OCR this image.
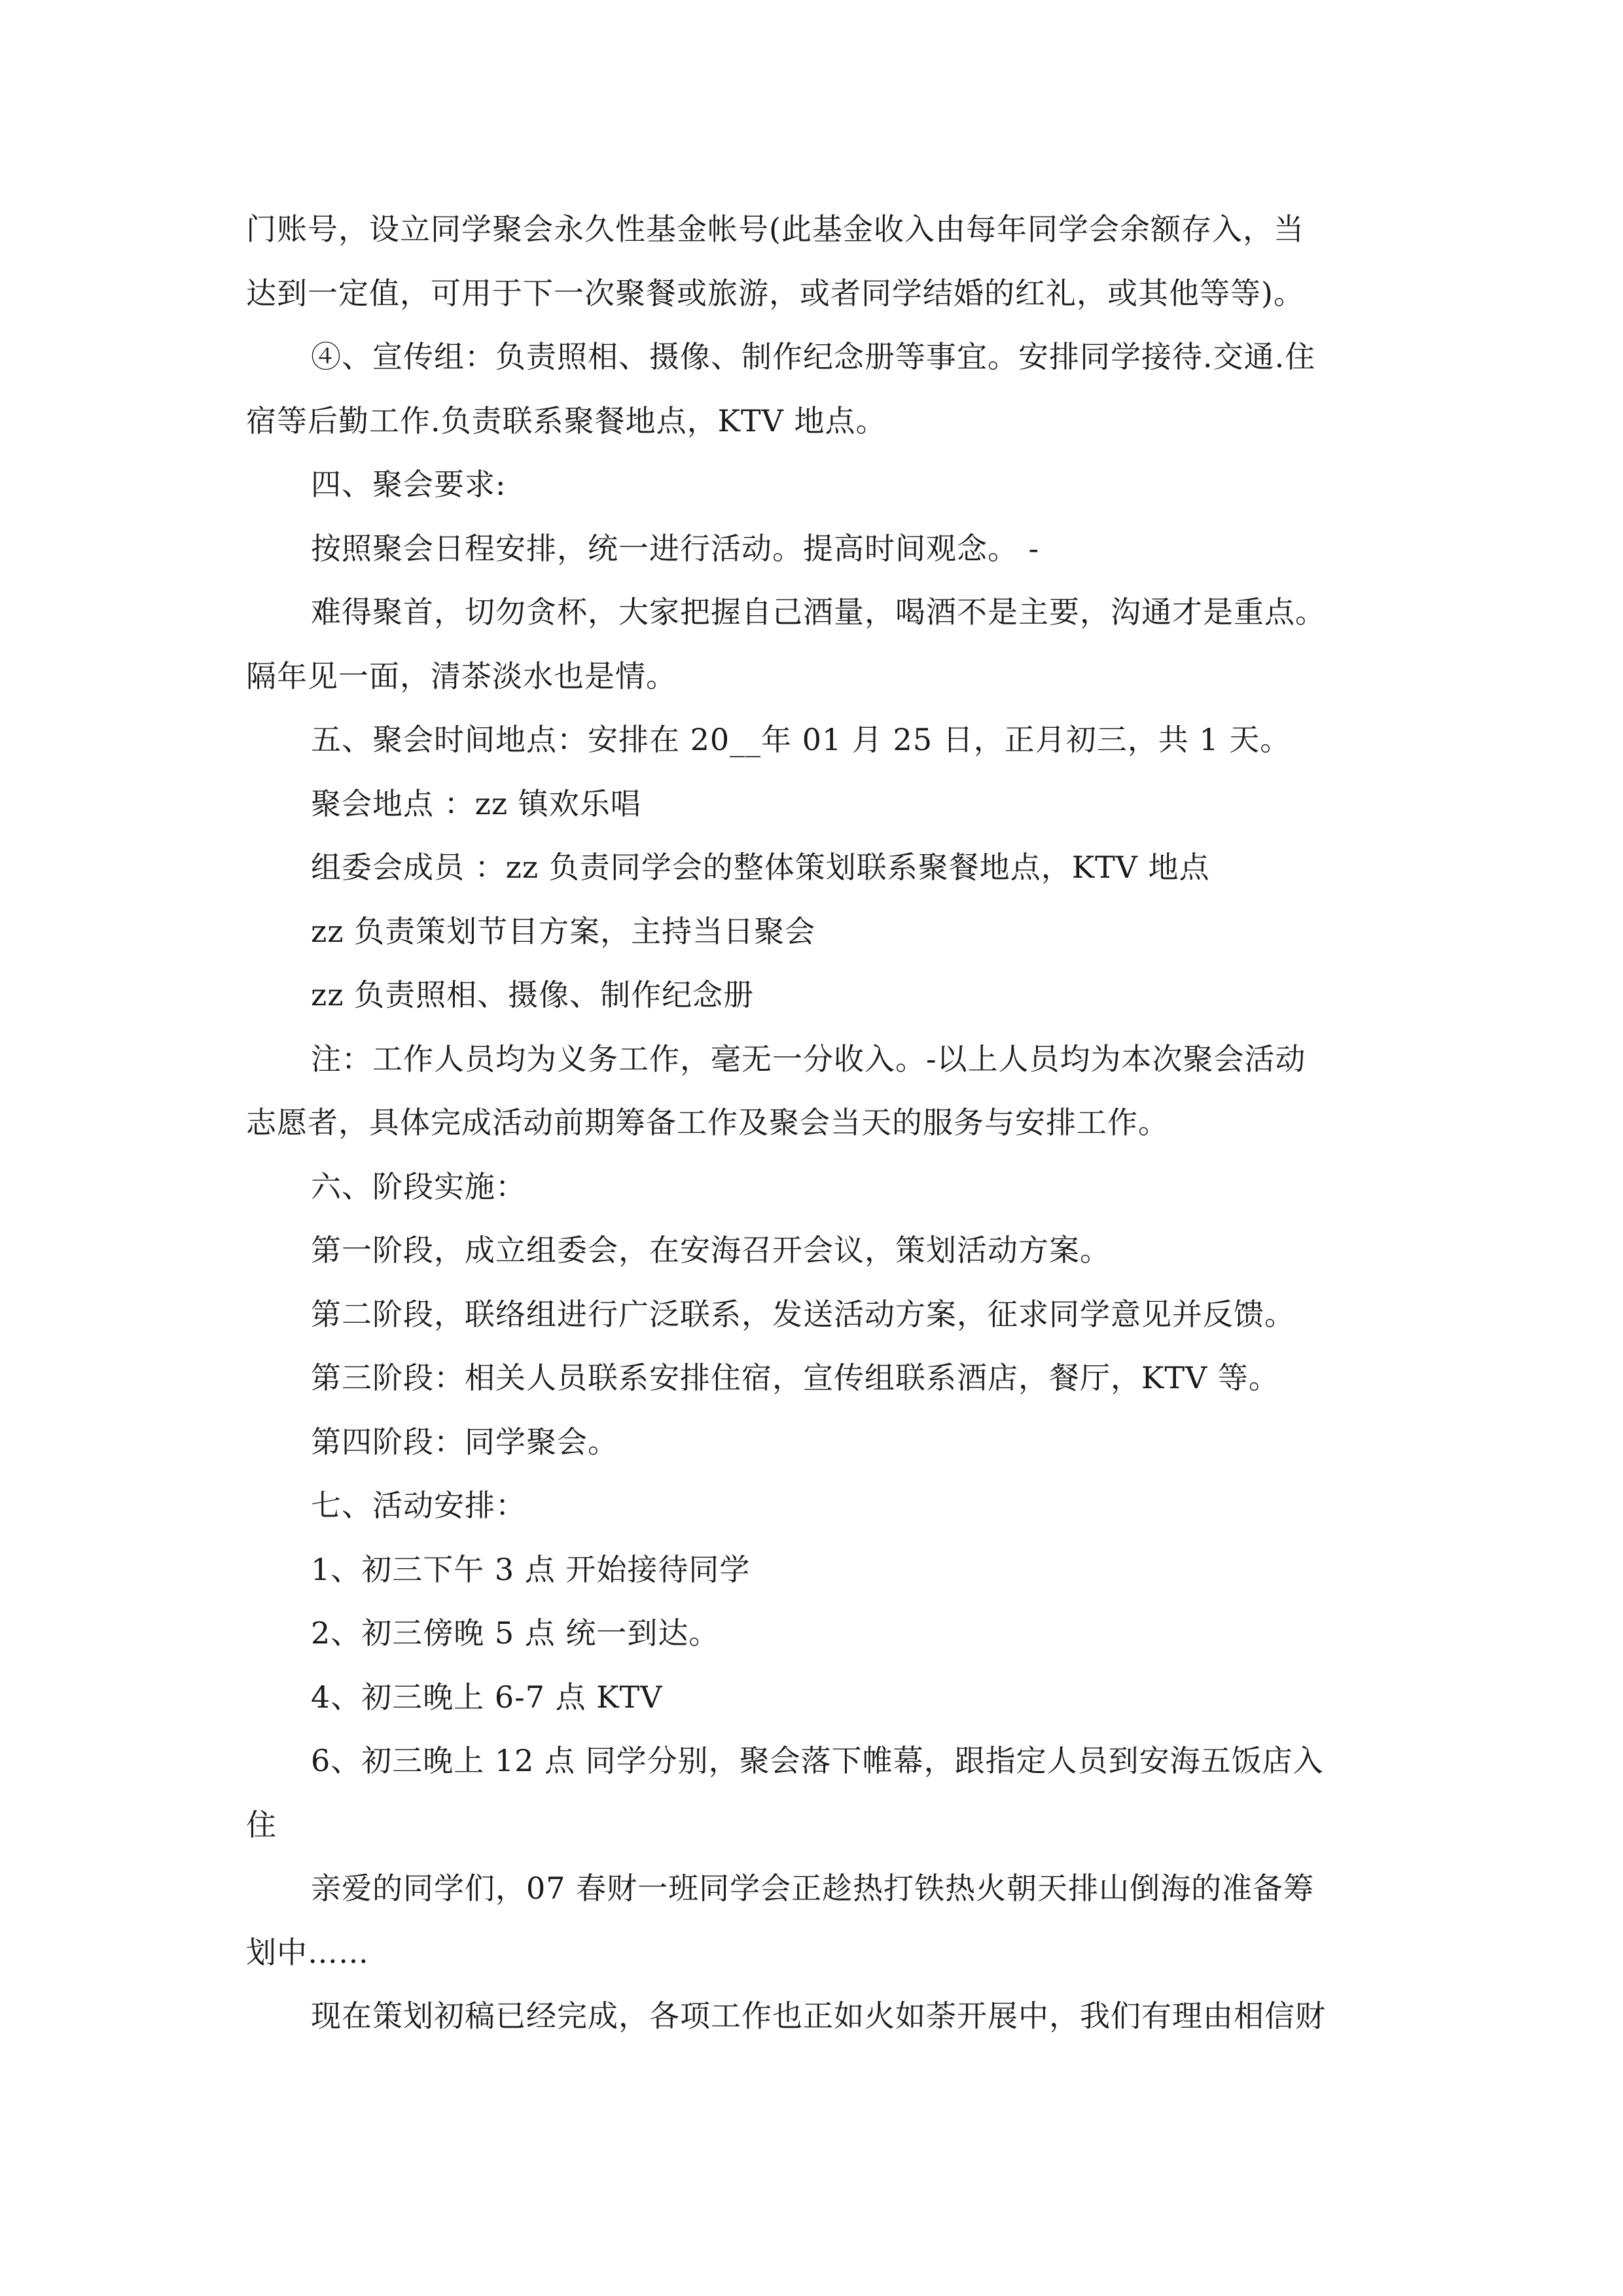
门账号，设立同学聚会永久性基金帐号(此基金收入由每年同学会余额存入，当
达到一定值，可用于下一次聚餐或旅游，或者同学结婚的红礼，或其他等等)。
④、宣传组：负责照相、摄像、制作纪念册等事宜。安排同学接待.交通.住
宿等后勤工作.负责联系聚餐地点，KTV 地点。
四、聚会要求:
按照聚会日程安排，统一进行活动。提高时间观念。 -
难得聚首，切勿贪杯，大家把握自己酒量，喝酒不是主要，沟通才是重点。
隔年见一面，清茶淡水也是情。
五、聚会时间地点：安排在 20__年 01 月 25 日，正月初三，共 1 天。
聚会地点 ：zz 镇欢乐唱
组委会成员 ：zz 负责同学会的整体策划联系聚餐地点，KTV 地点
zz 负责策划节目方案，主持当日聚会
zz 负责照相、摄像、制作纪念册
注：工作人员均为义务工作，毫无一分收入。-以上人员均为本次聚会活动
志愿者，具体完成活动前期筹备工作及聚会当天的服务与安排工作。
六、阶段实施：
第一阶段，成立组委会，在安海召开会议，策划活动方案。
第二阶段，联络组进行广泛联系，发送活动方案，征求同学意见并反馈。
第三阶段：相关人员联系安排住宿，宣传组联系酒店，餐厅，KTV 等。
第四阶段：同学聚会。
七、活动安排：
1、初三下午 3 点 开始接待同学
2、初三傍晚 5 点 统一到达。
4、初三晚上 6-7 点 KTV
6、初三晚上 12 点 同学分别，聚会落下帷幕，跟指定人员到安海五饭店入
住
亲爱的同学们，07 春财一班同学会正趁热打铁热火朝天排山倒海的准备筹
划中……
现在策划初稿已经完成，各项工作也正如火如荼开展中，我们有理由相信财
